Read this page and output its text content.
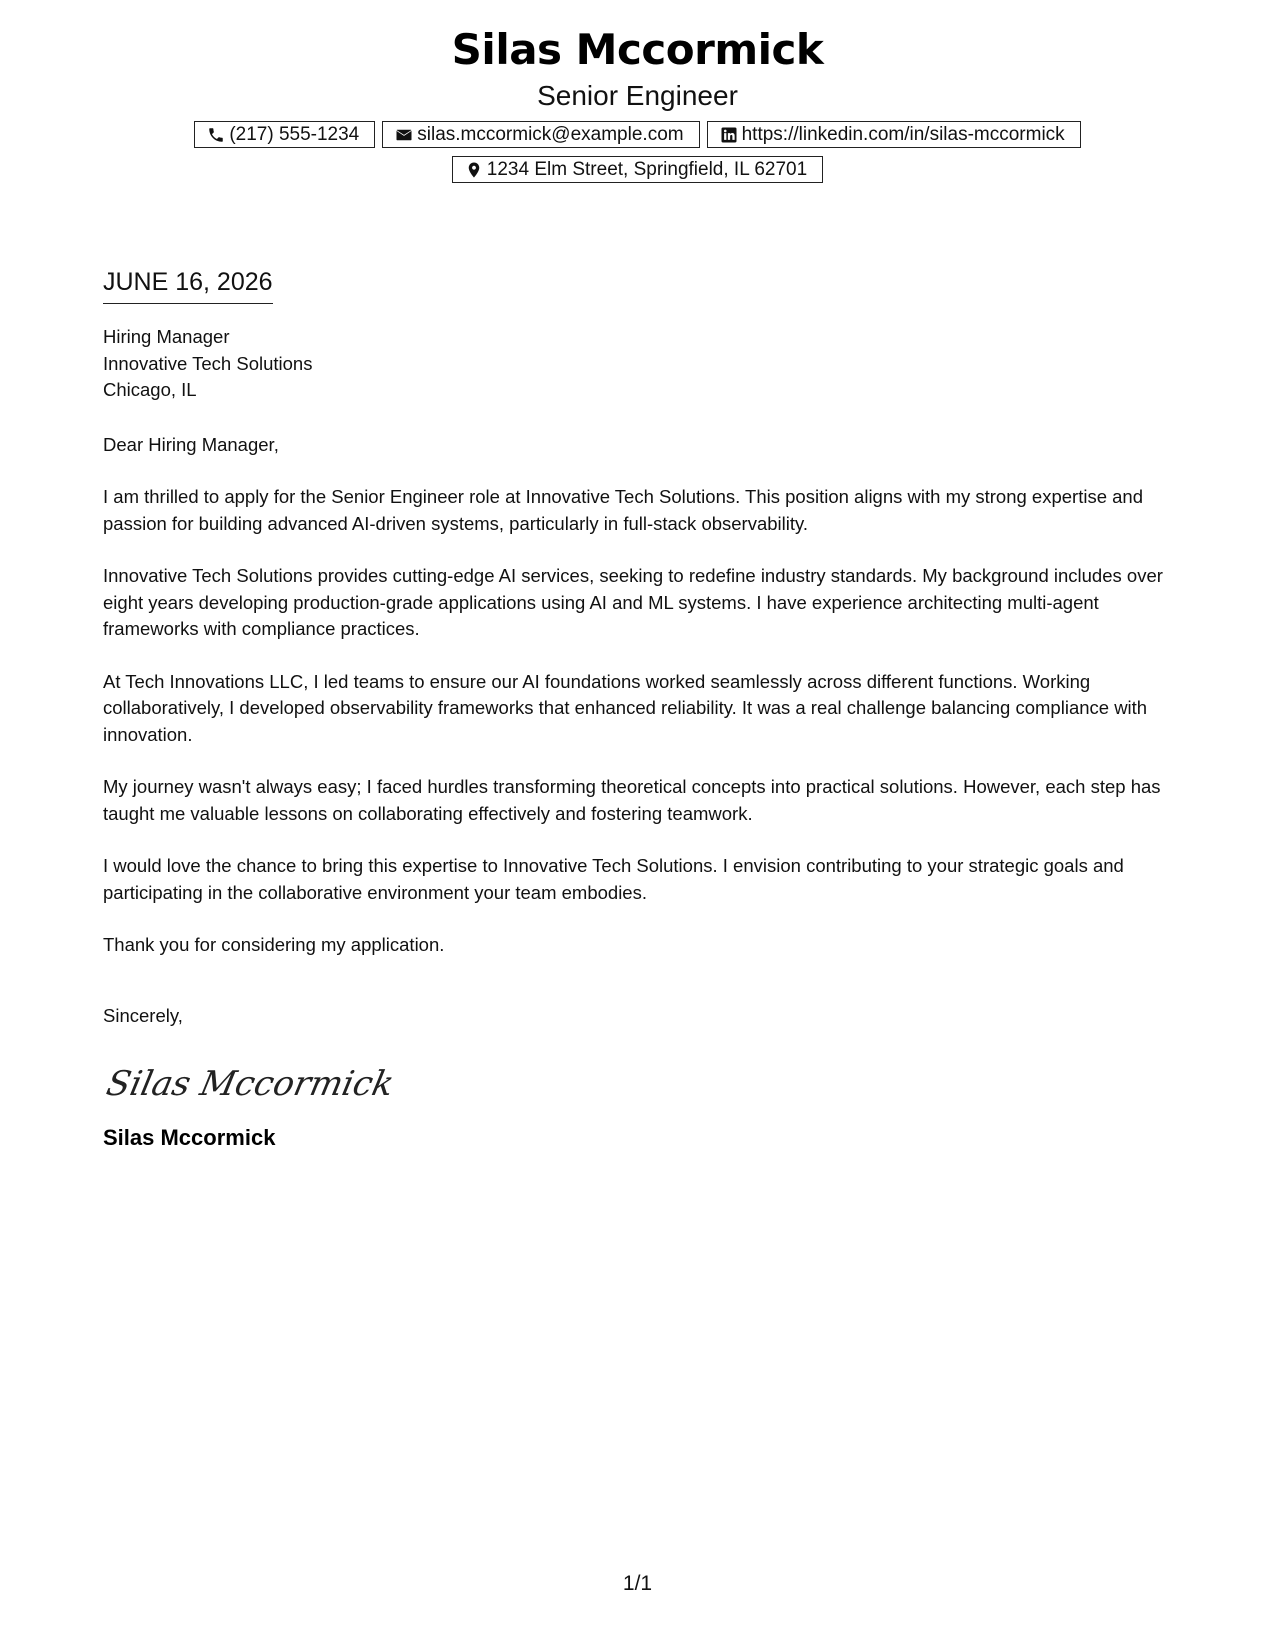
Silas Mccormick
Senior Engineer
(217) 555-1234	silas.mccormick@example.com	https://linkedin.com/in/silas-mccormick
1234 Elm Street, Springfield, IL 62701
JUNE 16, 2026
Hiring Manager
Innovative Tech Solutions
Chicago, IL
Dear Hiring Manager,
I am thrilled to apply for the Senior Engineer role at Innovative Tech Solutions. This position aligns with my strong expertise and passion for building advanced AI-driven systems, particularly in full-stack observability.
Innovative Tech Solutions provides cutting-edge AI services, seeking to redefine industry standards. My background includes over eight years developing production-grade applications using AI and ML systems. I have experience architecting multi-agent frameworks with compliance practices.
At Tech Innovations LLC, I led teams to ensure our AI foundations worked seamlessly across different functions. Working collaboratively, I developed observability frameworks that enhanced reliability. It was a real challenge balancing compliance with innovation.
My journey wasn't always easy; I faced hurdles transforming theoretical concepts into practical solutions. However, each step has taught me valuable lessons on collaborating effectively and fostering teamwork.
I would love the chance to bring this expertise to Innovative Tech Solutions. I envision contributing to your strategic goals and participating in the collaborative environment your team embodies.
Thank you for considering my application.
Sincerely,
Silas Mccormick
Silas Mccormick
1/1
